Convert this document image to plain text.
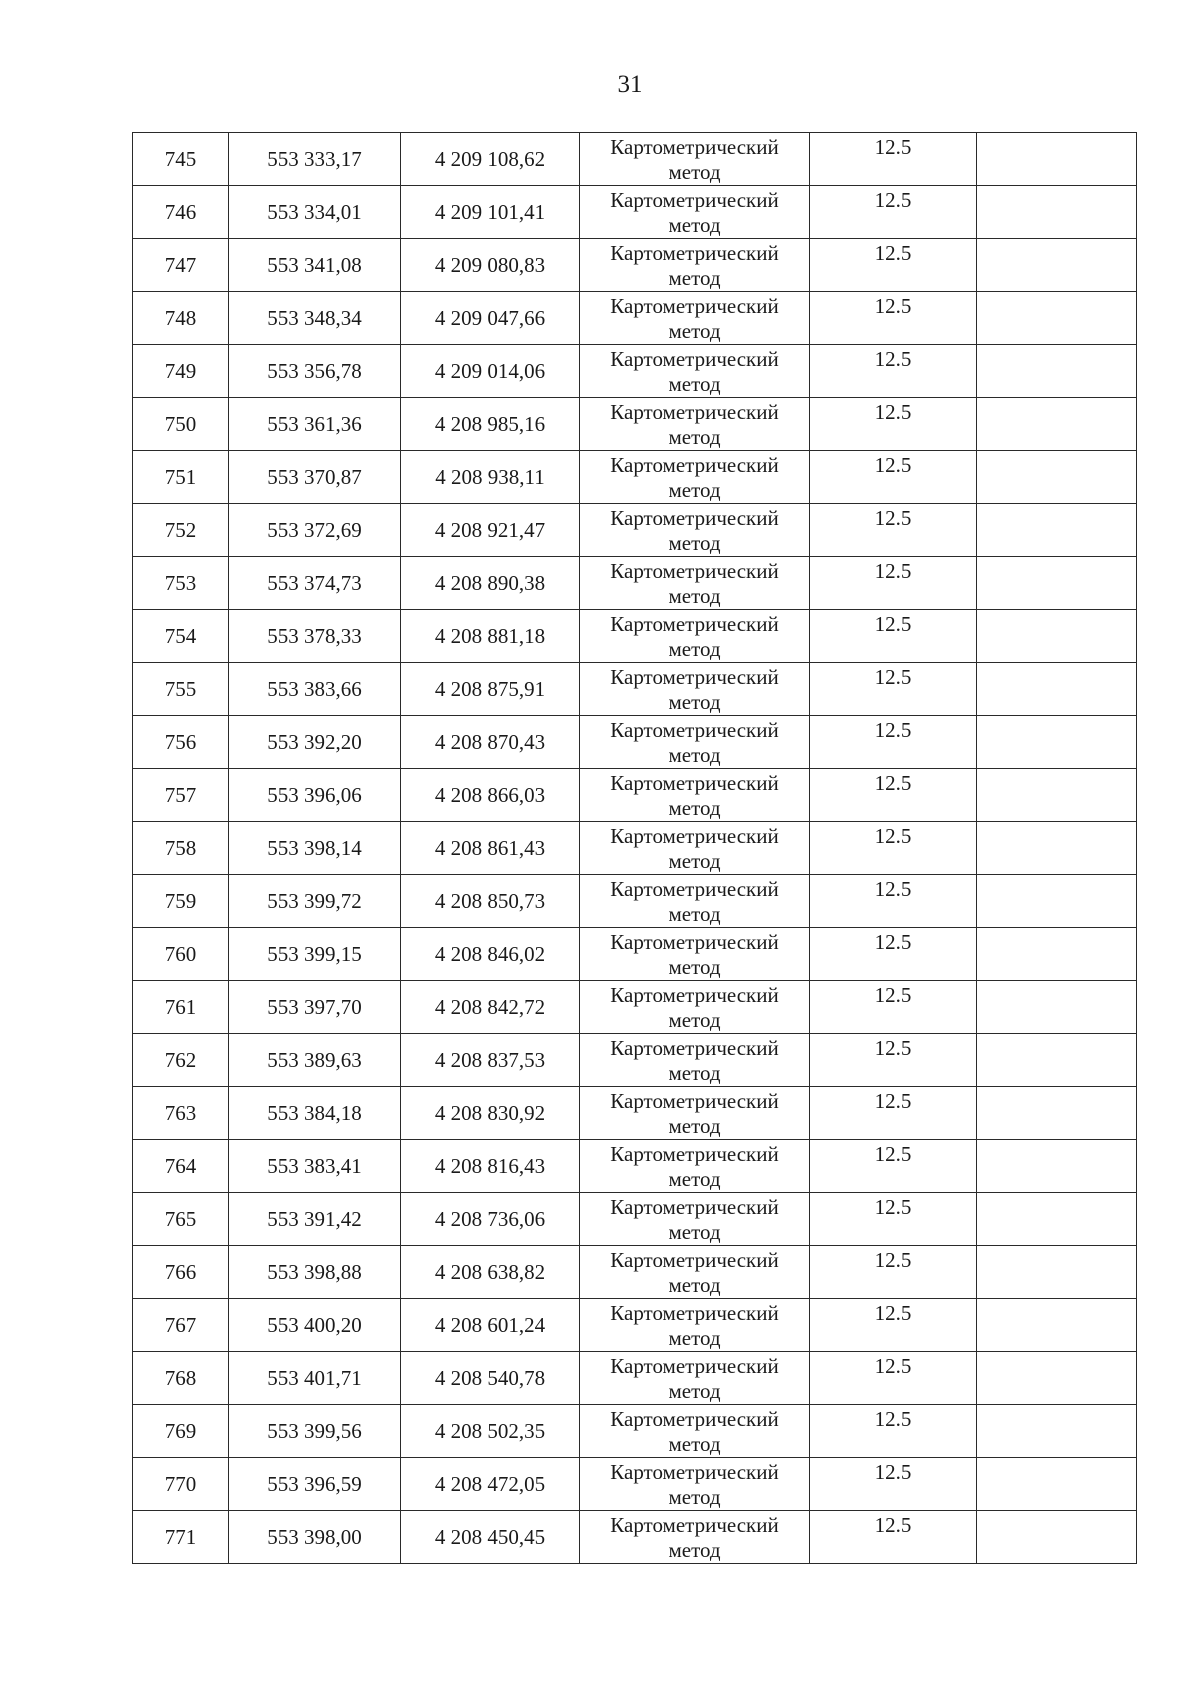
31
745	553 333,17	4 209 108,62	Картометрический
метод	12.5	
746	553 334,01	4 209 101,41	Картометрический
метод	12.5	
747	553 341,08	4 209 080,83	Картометрический
метод	12.5	
748	553 348,34	4 209 047,66	Картометрический
метод	12.5	
749	553 356,78	4 209 014,06	Картометрический
метод	12.5	
750	553 361,36	4 208 985,16	Картометрический
метод	12.5	
751	553 370,87	4 208 938,11	Картометрический
метод	12.5	
752	553 372,69	4 208 921,47	Картометрический
метод	12.5	
753	553 374,73	4 208 890,38	Картометрический
метод	12.5	
754	553 378,33	4 208 881,18	Картометрический
метод	12.5	
755	553 383,66	4 208 875,91	Картометрический
метод	12.5	
756	553 392,20	4 208 870,43	Картометрический
метод	12.5	
757	553 396,06	4 208 866,03	Картометрический
метод	12.5	
758	553 398,14	4 208 861,43	Картометрический
метод	12.5	
759	553 399,72	4 208 850,73	Картометрический
метод	12.5	
760	553 399,15	4 208 846,02	Картометрический
метод	12.5	
761	553 397,70	4 208 842,72	Картометрический
метод	12.5	
762	553 389,63	4 208 837,53	Картометрический
метод	12.5	
763	553 384,18	4 208 830,92	Картометрический
метод	12.5	
764	553 383,41	4 208 816,43	Картометрический
метод	12.5	
765	553 391,42	4 208 736,06	Картометрический
метод	12.5	
766	553 398,88	4 208 638,82	Картометрический
метод	12.5	
767	553 400,20	4 208 601,24	Картометрический
метод	12.5	
768	553 401,71	4 208 540,78	Картометрический
метод	12.5	
769	553 399,56	4 208 502,35	Картометрический
метод	12.5	
770	553 396,59	4 208 472,05	Картометрический
метод	12.5	
771	553 398,00	4 208 450,45	Картометрический
метод	12.5	
